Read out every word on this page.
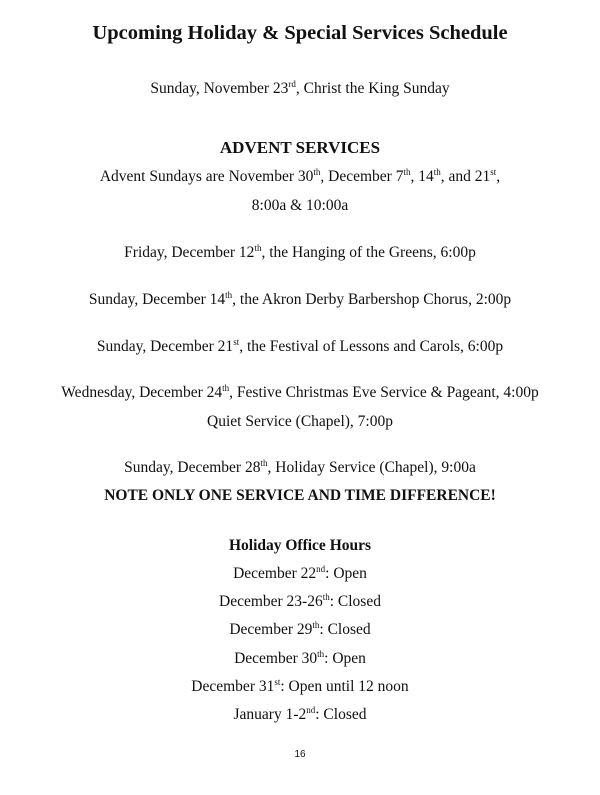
Upcoming Holiday & Special Services Schedule
Sunday, November 23rd, Christ the King Sunday
ADVENT SERVICES
Advent Sundays are November 30th, December 7th, 14th, and 21st,
8:00a & 10:00a
Friday, December 12th, the Hanging of the Greens, 6:00p
Sunday, December 14th, the Akron Derby Barbershop Chorus, 2:00p
Sunday, December 21st, the Festival of Lessons and Carols, 6:00p
Wednesday, December 24th, Festive Christmas Eve Service & Pageant, 4:00p
Quiet Service (Chapel), 7:00p
Sunday, December 28th, Holiday Service (Chapel), 9:00a
NOTE ONLY ONE SERVICE AND TIME DIFFERENCE!
Holiday Office Hours
December 22nd: Open
December 23-26th: Closed
December 29th: Closed
December 30th: Open
December 31st: Open until 12 noon
January 1-2nd: Closed
16
